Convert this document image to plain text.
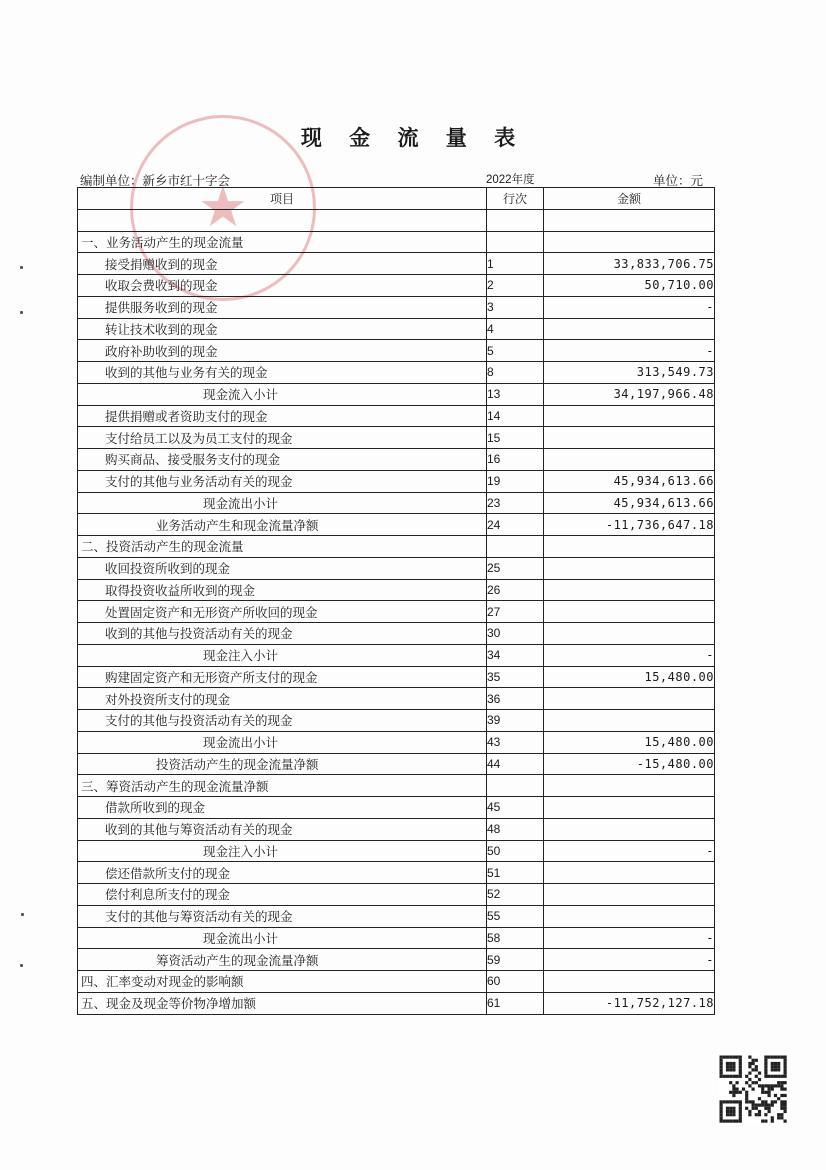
★
现 金 流 量 表
编制单位：新乡市红十字会	2022年度	单位：元
项目	行次	金额

一、业务活动产生的现金流量		
接受捐赠收到的现金	1	33,833,706.75
收取会费收到的现金	2	50,710.00
提供服务收到的现金	3	-
转让技术收到的现金	4	
政府补助收到的现金	5	-
收到的其他与业务有关的现金	8	313,549.73
现金流入小计	13	34,197,966.48
提供捐赠或者资助支付的现金	14	
支付给员工以及为员工支付的现金	15	
购买商品、接受服务支付的现金	16	
支付的其他与业务活动有关的现金	19	45,934,613.66
现金流出小计	23	45,934,613.66
业务活动产生和现金流量净额	24	-11,736,647.18
二、投资活动产生的现金流量		
收回投资所收到的现金	25	
取得投资收益所收到的现金	26	
处置固定资产和无形资产所收回的现金	27	
收到的其他与投资活动有关的现金	30	
现金注入小计	34	-
购建固定资产和无形资产所支付的现金	35	15,480.00
对外投资所支付的现金	36	
支付的其他与投资活动有关的现金	39	
现金流出小计	43	15,480.00
投资活动产生的现金流量净额	44	-15,480.00
三、筹资活动产生的现金流量净额		
借款所收到的现金	45	
收到的其他与筹资活动有关的现金	48	
现金注入小计	50	-
偿还借款所支付的现金	51	
偿付利息所支付的现金	52	
支付的其他与筹资活动有关的现金	55	
现金流出小计	58	-
筹资活动产生的现金流量净额	59	-
四、汇率变动对现金的影响额	60	
五、现金及现金等价物净增加额	61	-11,752,127.18
